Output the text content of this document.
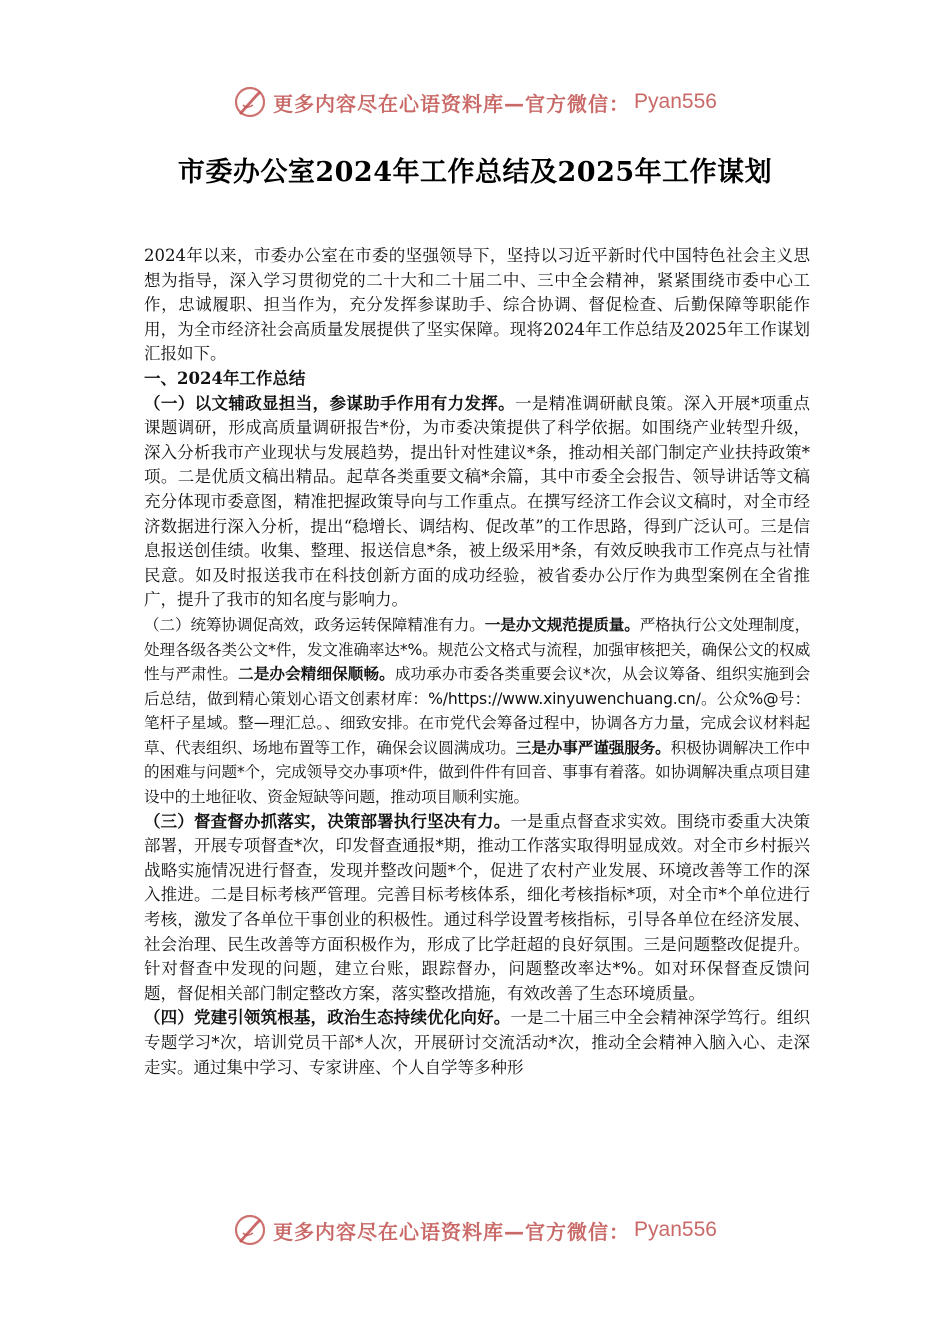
更多内容尽在心语资料库—官方微信： Pyan556
市委办公室2024年工作总结及2025年工作谋划

2024年以来，市委办公室在市委的坚强领导下，坚持以习近平新时代中国特色社会主义思想为指导，深入学习贯彻党的二十大和二十届二中、三中全会精神，紧紧围绕市委中心工作，忠诚履职、担当作为，充分发挥参谋助手、综合协调、督促检查、后勤保障等职能作用，为全市经济社会高质量发展提供了坚实保障。现将2024年工作总结及2025年工作谋划汇报如下。

一、2024年工作总结

（一）以文辅政显担当，参谋助手作用有力发挥。一是精准调研献良策。深入开展*项重点课题调研，形成高质量调研报告*份，为市委决策提供了科学依据。如围绕产业转型升级，深入分析我市产业现状与发展趋势，提出针对性建议*条，推动相关部门制定产业扶持政策*项。二是优质文稿出精品。起草各类重要文稿*余篇，其中市委全会报告、领导讲话等文稿充分体现市委意图，精准把握政策导向与工作重点。在撰写经济工作会议文稿时，对全市经济数据进行深入分析，提出“稳增长、调结构、促改革”的工作思路，得到广泛认可。三是信息报送创佳绩。收集、整理、报送信息*条，被上级采用*条，有效反映我市工作亮点与社情民意。如及时报送我市在科技创新方面的成功经验，被省委办公厅作为典型案例在全省推广，提升了我市的知名度与影响力。

（二）统筹协调促高效，政务运转保障精准有力。一是办文规范提质量。严格执行公文处理制度，处理各级各类公文*件，发文准确率达*%。规范公文格式与流程，加强审核把关，确保公文的权威性与严肃性。二是办会精细保顺畅。成功承办市委各类重要会议*次，从会议筹备、组织实施到会后总结，做到精心策划心语文创素材库：%/https://www.xinyuwenchuang.cn/。公众%@号：笔杆子星域。整—理汇总。、细致安排。在市党代会筹备过程中，协调各方力量，完成会议材料起草、代表组织、场地布置等工作，确保会议圆满成功。三是办事严谨强服务。积极协调解决工作中的困难与问题*个，完成领导交办事项*件，做到件件有回音、事事有着落。如协调解决重点项目建设中的土地征收、资金短缺等问题，推动项目顺利实施。

（三）督查督办抓落实，决策部署执行坚决有力。一是重点督查求实效。围绕市委重大决策部署，开展专项督查*次，印发督查通报*期，推动工作落实取得明显成效。对全市乡村振兴战略实施情况进行督查，发现并整改问题*个，促进了农村产业发展、环境改善等工作的深入推进。二是目标考核严管理。完善目标考核体系，细化考核指标*项，对全市*个单位进行考核，激发了各单位干事创业的积极性。通过科学设置考核指标，引导各单位在经济发展、社会治理、民生改善等方面积极作为，形成了比学赶超的良好氛围。三是问题整改促提升。针对督查中发现的问题，建立台账，跟踪督办，问题整改率达*%。如对环保督查反馈问题，督促相关部门制定整改方案，落实整改措施，有效改善了生态环境质量。

（四）党建引领筑根基，政治生态持续优化向好。一是二十届三中全会精神深学笃行。组织专题学习*次，培训党员干部*人次，开展研讨交流活动*次，推动全会精神入脑入心、走深走实。通过集中学习、专家讲座、个人自学等多种形

更多内容尽在心语资料库—官方微信： Pyan556
